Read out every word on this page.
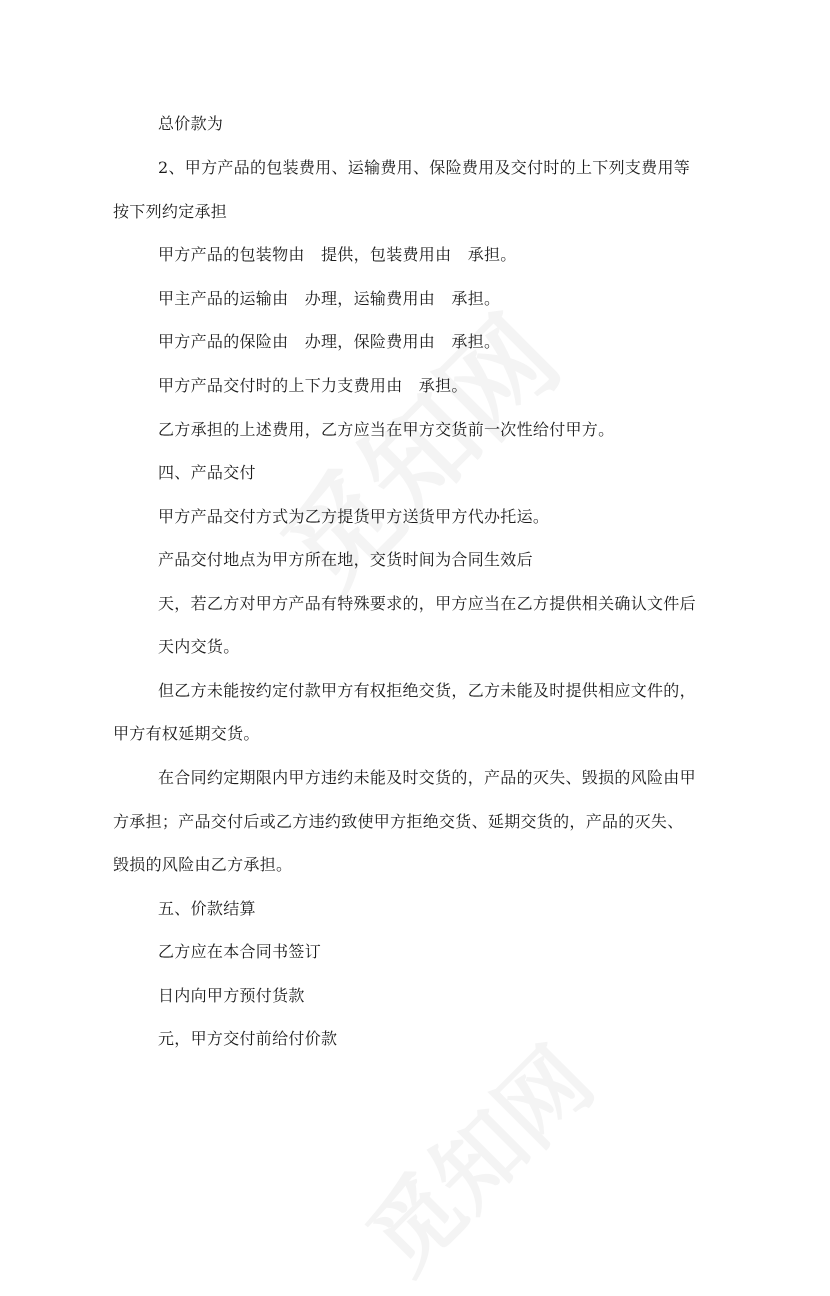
总价款为
2、甲方产品的包装费用、运输费用、保险费用及交付时的上下列支费用等
按下列约定承担
甲方产品的包装物由　提供，包装费用由　承担。
甲主产品的运输由　办理，运输费用由　承担。
甲方产品的保险由　办理，保险费用由　承担。
甲方产品交付时的上下力支费用由　承担。
乙方承担的上述费用，乙方应当在甲方交货前一次性给付甲方。
四、产品交付
甲方产品交付方式为乙方提货甲方送货甲方代办托运。
产品交付地点为甲方所在地，交货时间为合同生效后
天，若乙方对甲方产品有特殊要求的，甲方应当在乙方提供相关确认文件后
天内交货。
但乙方未能按约定付款甲方有权拒绝交货，乙方未能及时提供相应文件的，
甲方有权延期交货。
在合同约定期限内甲方违约未能及时交货的，产品的灭失、毁损的风险由甲
方承担；产品交付后或乙方违约致使甲方拒绝交货、延期交货的，产品的灭失、
毁损的风险由乙方承担。
五、价款结算
乙方应在本合同书签订
日内向甲方预付货款
元，甲方交付前给付价款
